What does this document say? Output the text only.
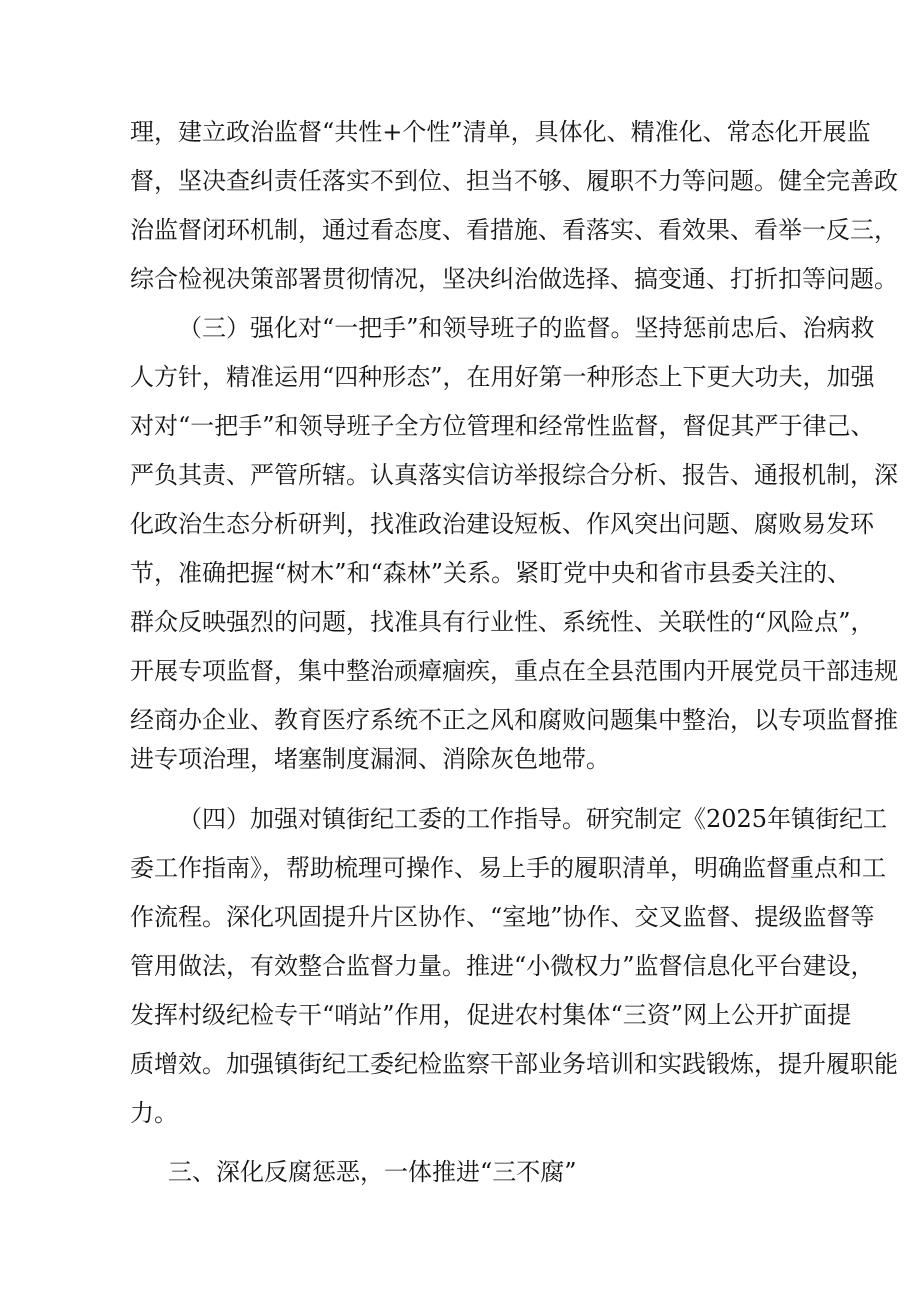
理，建立政治监督“共性+个性”清单，具体化、精准化、常态化开展监

督，坚决查纠责任落实不到位、担当不够、履职不力等问题。健全完善政

治监督闭环机制，通过看态度、看措施、看落实、看效果、看举一反三，

综合检视决策部署贯彻情况，坚决纠治做选择、搞变通、打折扣等问题。

（三）强化对“一把手”和领导班子的监督。坚持惩前忠后、治病救

人方针，精准运用“四种形态”，在用好第一种形态上下更大功夫，加强

对对“一把手”和领导班子全方位管理和经常性监督，督促其严于律己、

严负其责、严管所辖。认真落实信访举报综合分析、报告、通报机制，深

化政治生态分析研判，找准政治建设短板、作风突出问题、腐败易发环

节，准确把握“树木”和“森林”关系。紧盯党中央和省市县委关注的、

群众反映强烈的问题，找准具有行业性、系统性、关联性的“风险点”，

开展专项监督，集中整治顽瘴痼疾，重点在全县范围内开展党员干部违规

经商办企业、教育医疗系统不正之风和腐败问题集中整治，以专项监督推

进专项治理，堵塞制度漏洞、消除灰色地带。

（四）加强对镇街纪工委的工作指导。研究制定《2025年镇街纪工

委工作指南》，帮助梳理可操作、易上手的履职清单，明确监督重点和工

作流程。深化巩固提升片区协作、“室地”协作、交叉监督、提级监督等

管用做法，有效整合监督力量。推进“小微权力”监督信息化平台建设，

发挥村级纪检专干“哨站”作用，促进农村集体“三资”网上公开扩面提

质增效。加强镇街纪工委纪检监察干部业务培训和实践锻炼，提升履职能

力。

三、深化反腐惩恶，一体推进“三不腐”
